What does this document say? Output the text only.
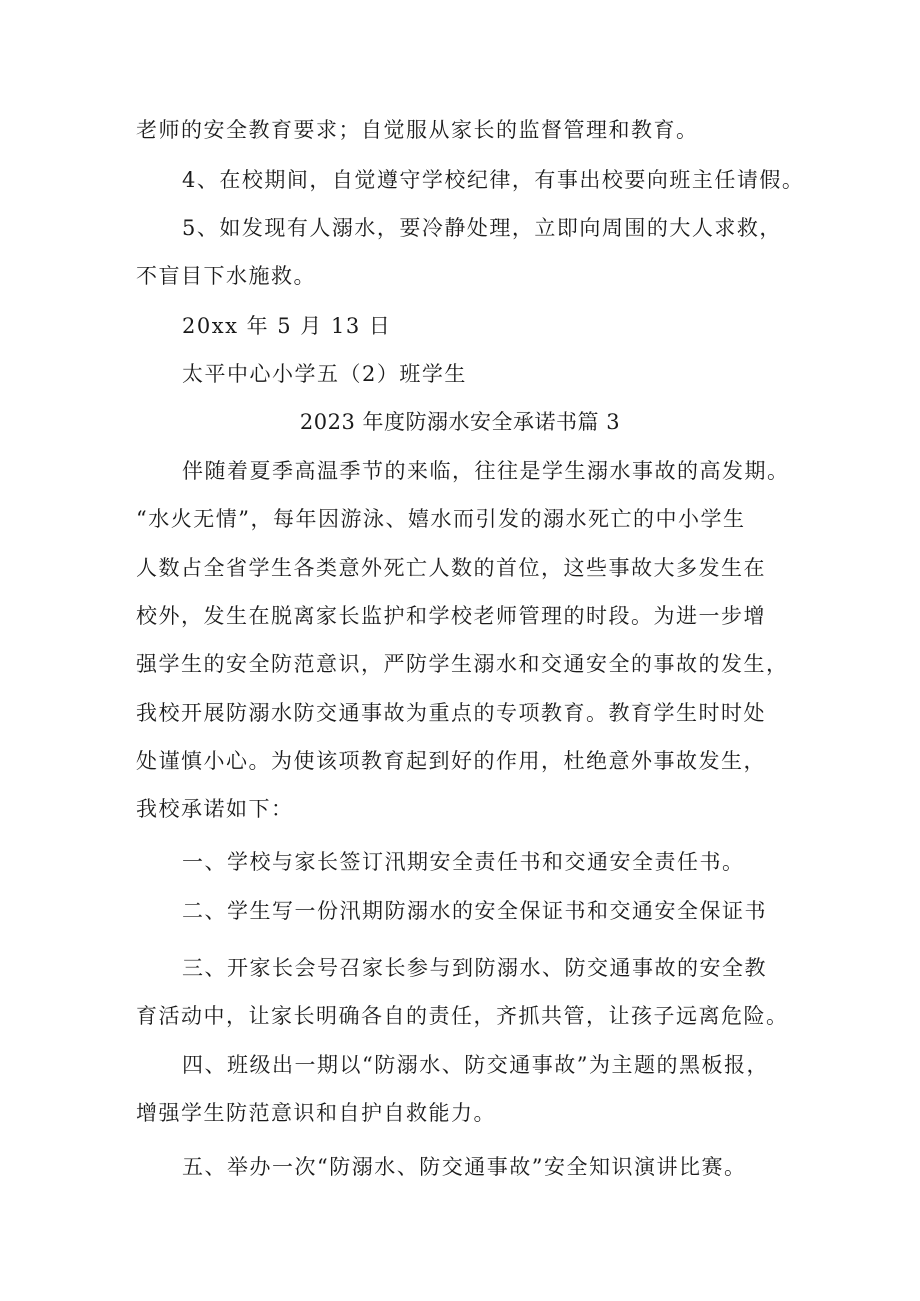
老师的安全教育要求；自觉服从家长的监督管理和教育。
4、在校期间，自觉遵守学校纪律，有事出校要向班主任请假。
5、如发现有人溺水，要冷静处理，立即向周围的大人求救，
不盲目下水施救。
20xx 年 5 月 13 日
太平中心小学五（2）班学生
2023 年度防溺水安全承诺书篇 3
伴随着夏季高温季节的来临，往往是学生溺水事故的高发期。
“水火无情”，每年因游泳、嬉水而引发的溺水死亡的中小学生
人数占全省学生各类意外死亡人数的首位，这些事故大多发生在
校外，发生在脱离家长监护和学校老师管理的时段。为进一步增
强学生的安全防范意识，严防学生溺水和交通安全的事故的发生，
我校开展防溺水防交通事故为重点的专项教育。教育学生时时处
处谨慎小心。为使该项教育起到好的作用，杜绝意外事故发生，
我校承诺如下：
一、学校与家长签订汛期安全责任书和交通安全责任书。
二、学生写一份汛期防溺水的安全保证书和交通安全保证书
三、开家长会号召家长参与到防溺水、防交通事故的安全教
育活动中，让家长明确各自的责任，齐抓共管，让孩子远离危险。
四、班级出一期以“防溺水、防交通事故”为主题的黑板报，
增强学生防范意识和自护自救能力。
五、举办一次“防溺水、防交通事故”安全知识演讲比赛。
